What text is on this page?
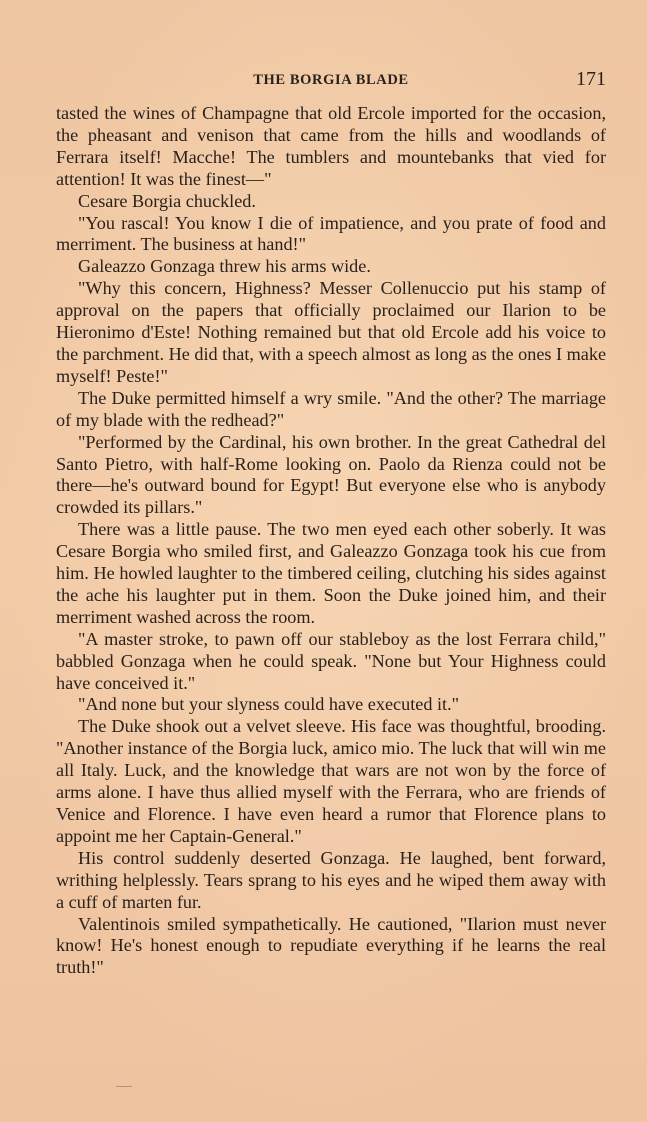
THE BORGIA BLADE	171

tasted the wines of Champagne that old Ercole imported for the occasion, the pheasant and venison that came from the hills and woodlands of Ferrara itself! Macche! The tumblers and mountebanks that vied for attention! It was the finest—"

Cesare Borgia chuckled.

"You rascal! You know I die of impatience, and you prate of food and merriment. The business at hand!"

Galeazzo Gonzaga threw his arms wide.

"Why this concern, Highness? Messer Collenuccio put his stamp of approval on the papers that officially proclaimed our Ilarion to be Hieronimo d'Este! Nothing remained but that old Ercole add his voice to the parchment. He did that, with a speech almost as long as the ones I make myself! Peste!"

The Duke permitted himself a wry smile. "And the other? The marriage of my blade with the redhead?"

"Performed by the Cardinal, his own brother. In the great Cathedral del Santo Pietro, with half-Rome looking on. Paolo da Rienza could not be there—he's outward bound for Egypt! But everyone else who is anybody crowded its pillars."

There was a little pause. The two men eyed each other soberly. It was Cesare Borgia who smiled first, and Galeazzo Gonzaga took his cue from him. He howled laughter to the timbered ceiling, clutching his sides against the ache his laughter put in them. Soon the Duke joined him, and their merriment washed across the room.

"A master stroke, to pawn off our stableboy as the lost Ferrara child," babbled Gonzaga when he could speak. "None but Your Highness could have conceived it."

"And none but your slyness could have executed it."

The Duke shook out a velvet sleeve. His face was thoughtful, brooding. "Another instance of the Borgia luck, amico mio. The luck that will win me all Italy. Luck, and the knowledge that wars are not won by the force of arms alone. I have thus allied myself with the Ferrara, who are friends of Venice and Florence. I have even heard a rumor that Florence plans to appoint me her Captain-General."

His control suddenly deserted Gonzaga. He laughed, bent forward, writhing helplessly. Tears sprang to his eyes and he wiped them away with a cuff of marten fur.

Valentinois smiled sympathetically. He cautioned, "Ilarion must never know! He's honest enough to repudiate everything if he learns the real truth!"
